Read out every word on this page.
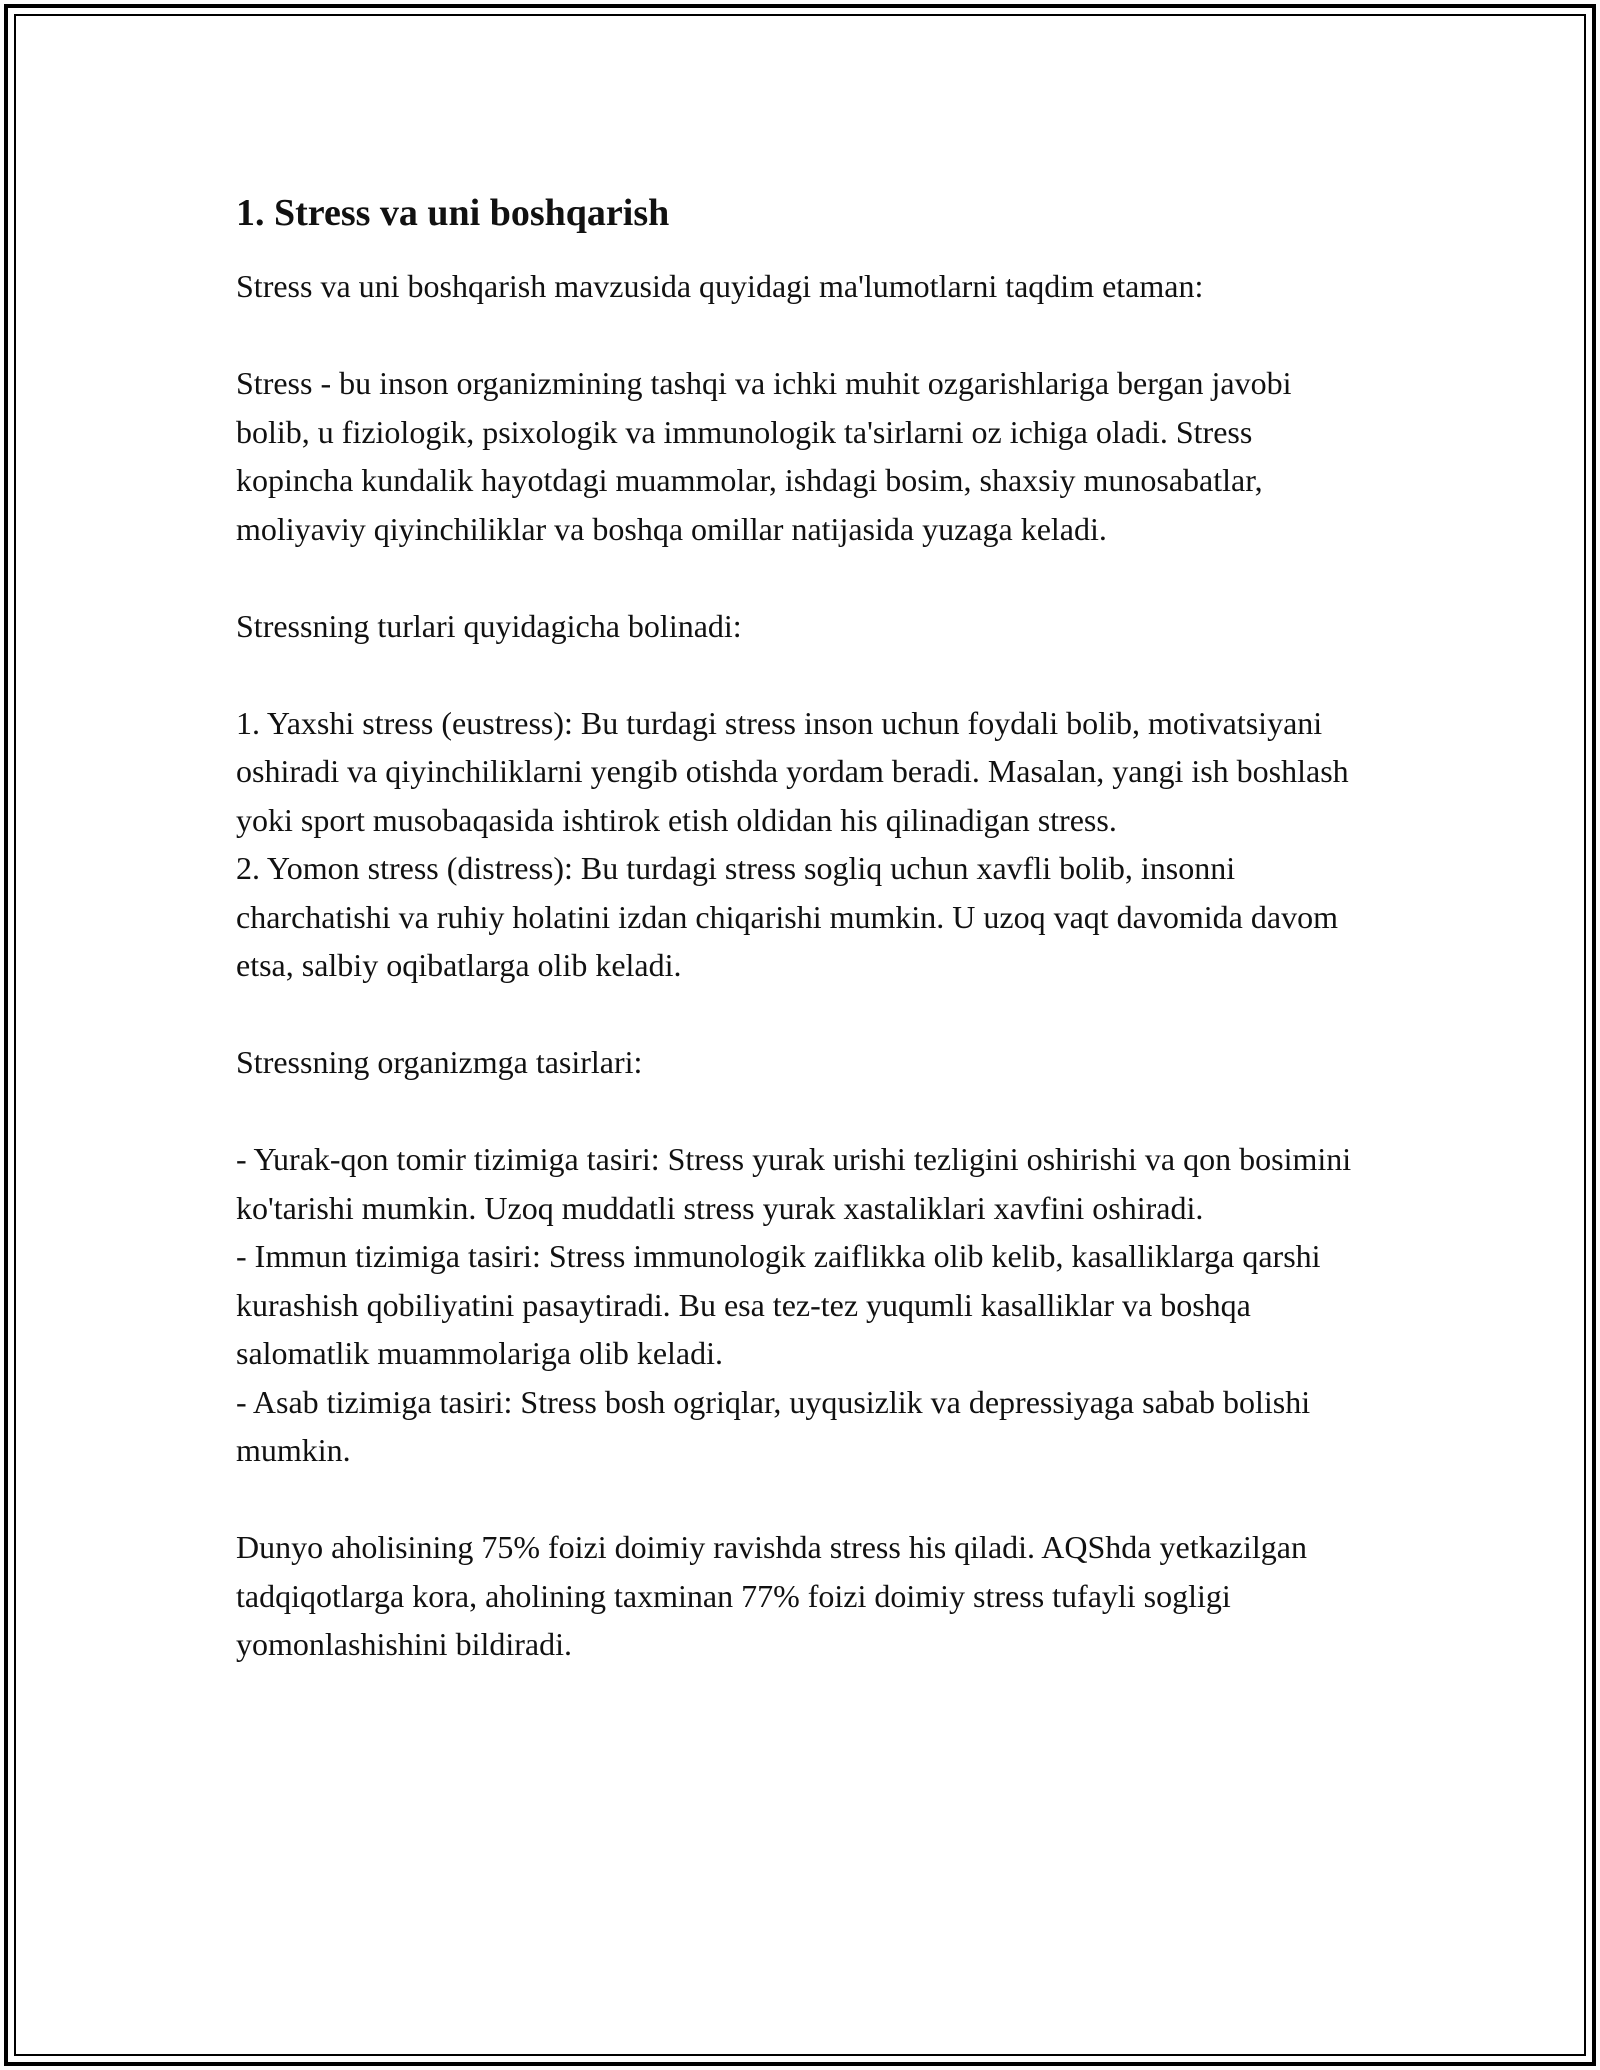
1. Stress va uni boshqarish

Stress va uni boshqarish mavzusida quyidagi ma'lumotlarni taqdim etaman:

Stress - bu inson organizmining tashqi va ichki muhit ozgarishlariga bergan javobi bolib, u fiziologik, psixologik va immunologik ta'sirlarni oz ichiga oladi. Stress kopincha kundalik hayotdagi muammolar, ishdagi bosim, shaxsiy munosabatlar, moliyaviy qiyinchiliklar va boshqa omillar natijasida yuzaga keladi.

Stressning turlari quyidagicha bolinadi:

1. Yaxshi stress (eustress): Bu turdagi stress inson uchun foydali bolib, motivatsiyani oshiradi va qiyinchiliklarni yengib otishda yordam beradi. Masalan, yangi ish boshlash yoki sport musobaqasida ishtirok etish oldidan his qilinadigan stress.

2. Yomon stress (distress): Bu turdagi stress sogliq uchun xavfli bolib, insonni charchatishi va ruhiy holatini izdan chiqarishi mumkin. U uzoq vaqt davomida davom etsa, salbiy oqibatlarga olib keladi.

Stressning organizmga tasirlari:

- Yurak-qon tomir tizimiga tasiri: Stress yurak urishi tezligini oshirishi va qon bosimini ko'tarishi mumkin. Uzoq muddatli stress yurak xastaliklari xavfini oshiradi.

- Immun tizimiga tasiri: Stress immunologik zaiflikka olib kelib, kasalliklarga qarshi kurashish qobiliyatini pasaytiradi. Bu esa tez-tez yuqumli kasalliklar va boshqa salomatlik muammolariga olib keladi.

- Asab tizimiga tasiri: Stress bosh ogriqlar, uyqusizlik va depressiyaga sabab bolishi mumkin.

Dunyo aholisining 75% foizi doimiy ravishda stress his qiladi. AQShda yetkazilgan tadqiqotlarga kora, aholining taxminan 77% foizi doimiy stress tufayli sogligi yomonlashishini bildiradi.
